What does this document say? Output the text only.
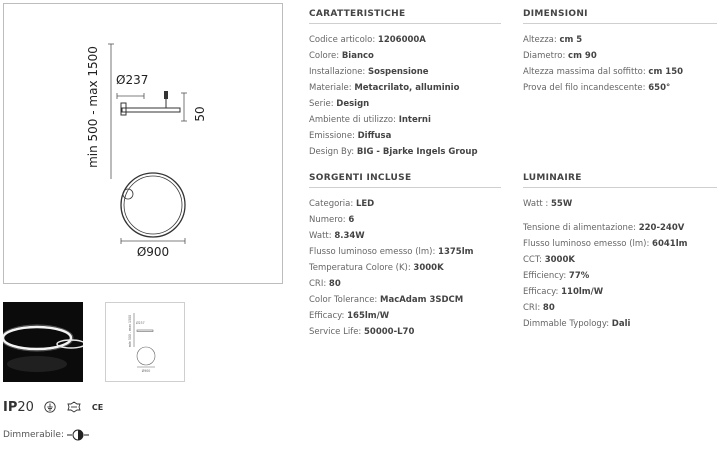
min 500 - max 1500 Ø237
50
Ø900
min 500 - max 1500 Ø237
Ø900
IP20	CE
Dimmerabile:
CARATTERISTICHE
Codice articolo: 1206000A
Colore: Bianco
Installazione: Sospensione
Materiale: Metacrilato, alluminio
Serie: Design
Ambiente di utilizzo: Interni
Emissione: Diffusa
Design By: BIG - Bjarke Ingels Group
DIMENSIONI
Altezza: cm 5
Diametro: cm 90
Altezza massima dal soffitto: cm 150
Prova del filo incandescente: 650°
SORGENTI INCLUSE
Categoria: LED
Numero: 6
Watt: 8.34W
Flusso luminoso emesso (lm): 1375lm
Temperatura Colore (K): 3000K
CRI: 80
Color Tolerance: MacAdam 3SDCM
Efficacy: 165lm/W
Service Life: 50000-L70
LUMINAIRE
Watt : 55W
Tensione di alimentazione: 220-240V
Flusso luminoso emesso (lm): 6041lm
CCT: 3000K
Efficiency: 77%
Efficacy: 110lm/W
CRI: 80
Dimmable Typology: Dali
